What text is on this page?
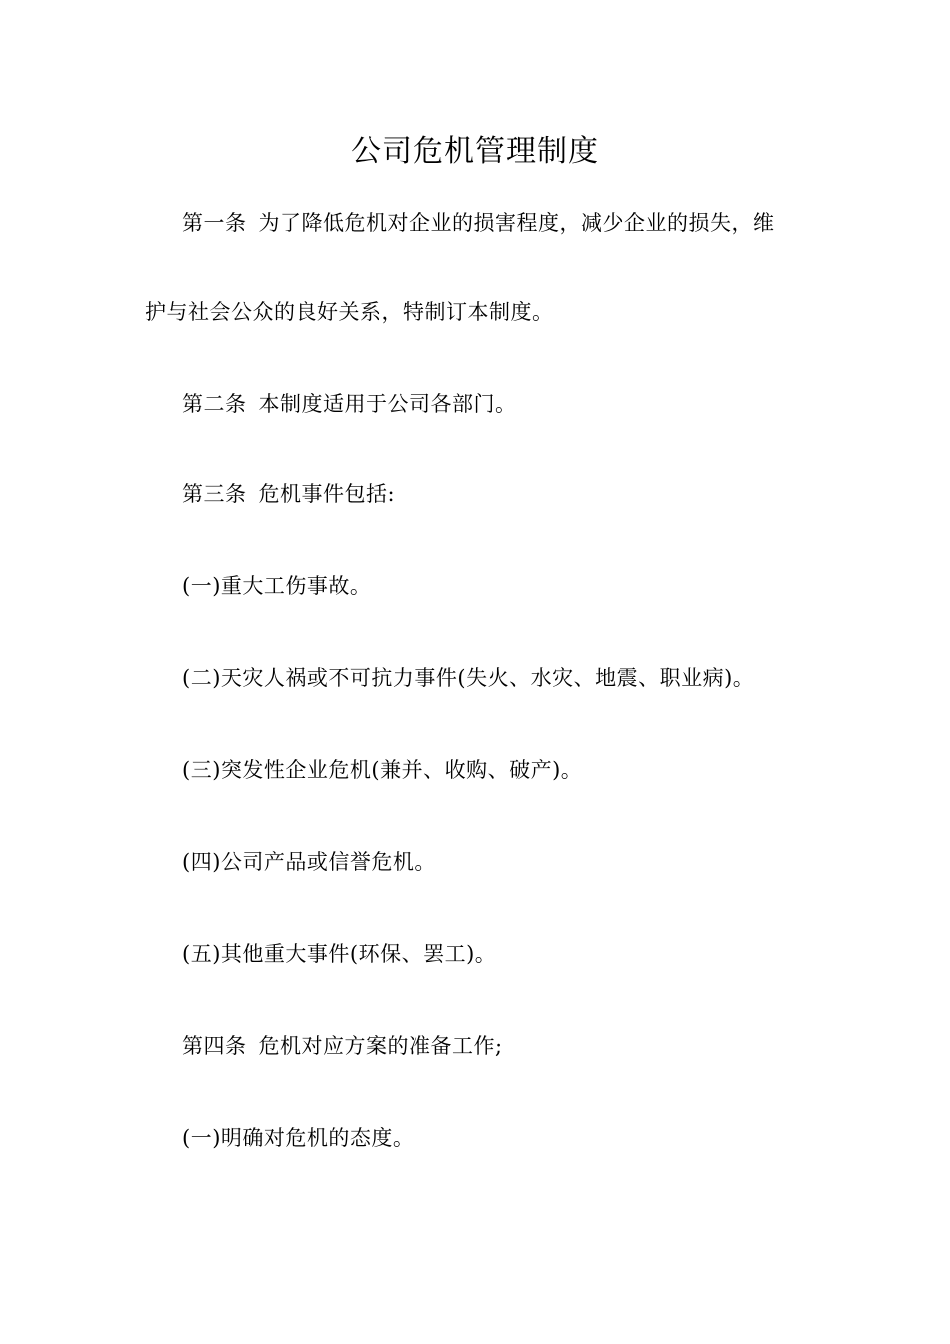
公司危机管理制度
第一条 为了降低危机对企业的损害程度，减少企业的损失，维
护与社会公众的良好关系，特制订本制度。
第二条 本制度适用于公司各部门。
第三条 危机事件包括:
(一)重大工伤事故。
(二)天灾人祸或不可抗力事件(失火、水灾、地震、职业病)。
(三)突发性企业危机(兼并、收购、破产)。
(四)公司产品或信誉危机。
(五)其他重大事件(环保、罢工)。
第四条 危机对应方案的准备工作;
(一)明确对危机的态度。
